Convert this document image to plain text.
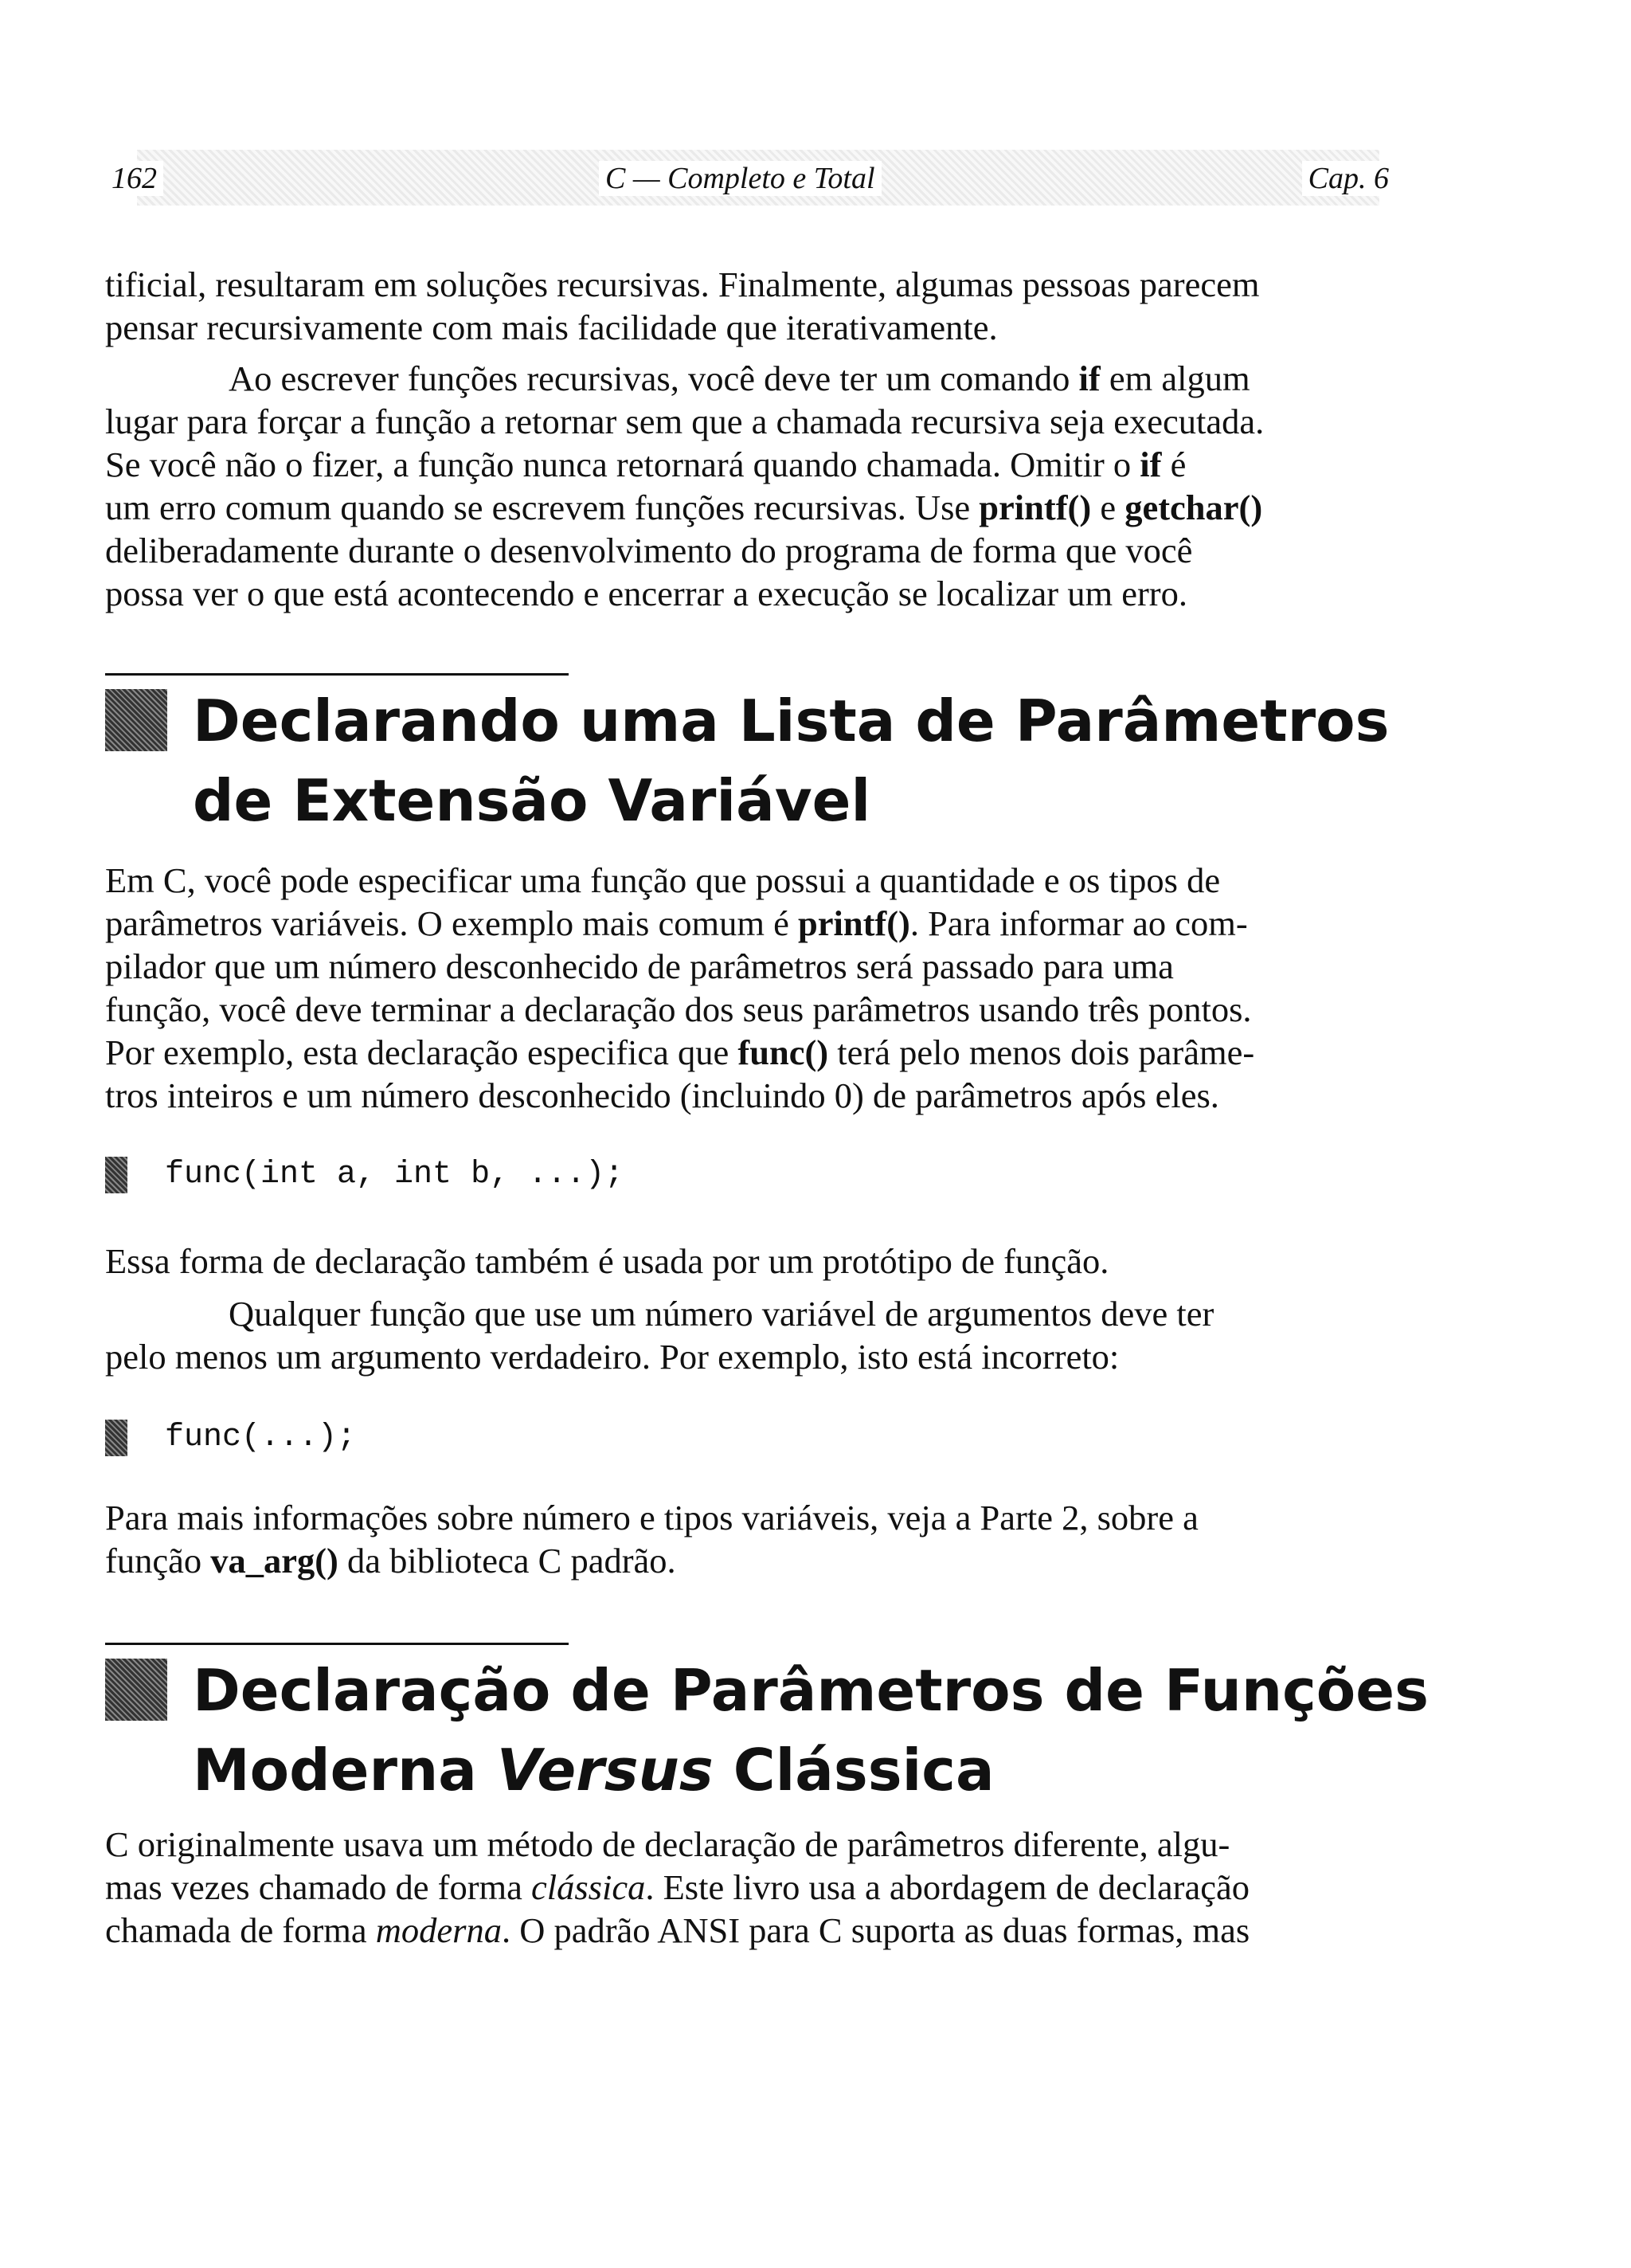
162	C — Completo e Total	Cap. 6
tificial, resultaram em soluções recursivas. Finalmente, algumas pessoas parecem
pensar recursivamente com mais facilidade que iterativamente.
Ao escrever funções recursivas, você deve ter um comando if em algum
lugar para forçar a função a retornar sem que a chamada recursiva seja executada.
Se você não o fizer, a função nunca retornará quando chamada. Omitir o if é
um erro comum quando se escrevem funções recursivas. Use printf() e getchar()
deliberadamente durante o desenvolvimento do programa de forma que você
possa ver o que está acontecendo e encerrar a execução se localizar um erro.
Declarando uma Lista de Parâmetros
de Extensão Variável
Em C, você pode especificar uma função que possui a quantidade e os tipos de
parâmetros variáveis. O exemplo mais comum é printf(). Para informar ao com-
pilador que um número desconhecido de parâmetros será passado para uma
função, você deve terminar a declaração dos seus parâmetros usando três pontos.
Por exemplo, esta declaração especifica que func() terá pelo menos dois parâme-
tros inteiros e um número desconhecido (incluindo 0) de parâmetros após eles.

func(int a, int b, ...);

Essa forma de declaração também é usada por um protótipo de função.
Qualquer função que use um número variável de argumentos deve ter
pelo menos um argumento verdadeiro. Por exemplo, isto está incorreto:

func(...);

Para mais informações sobre número e tipos variáveis, veja a Parte 2, sobre a
função va_arg() da biblioteca C padrão.
Declaração de Parâmetros de Funções
Moderna Versus Clássica
C originalmente usava um método de declaração de parâmetros diferente, algu-
mas vezes chamado de forma clássica. Este livro usa a abordagem de declaração
chamada de forma moderna. O padrão ANSI para C suporta as duas formas, mas
